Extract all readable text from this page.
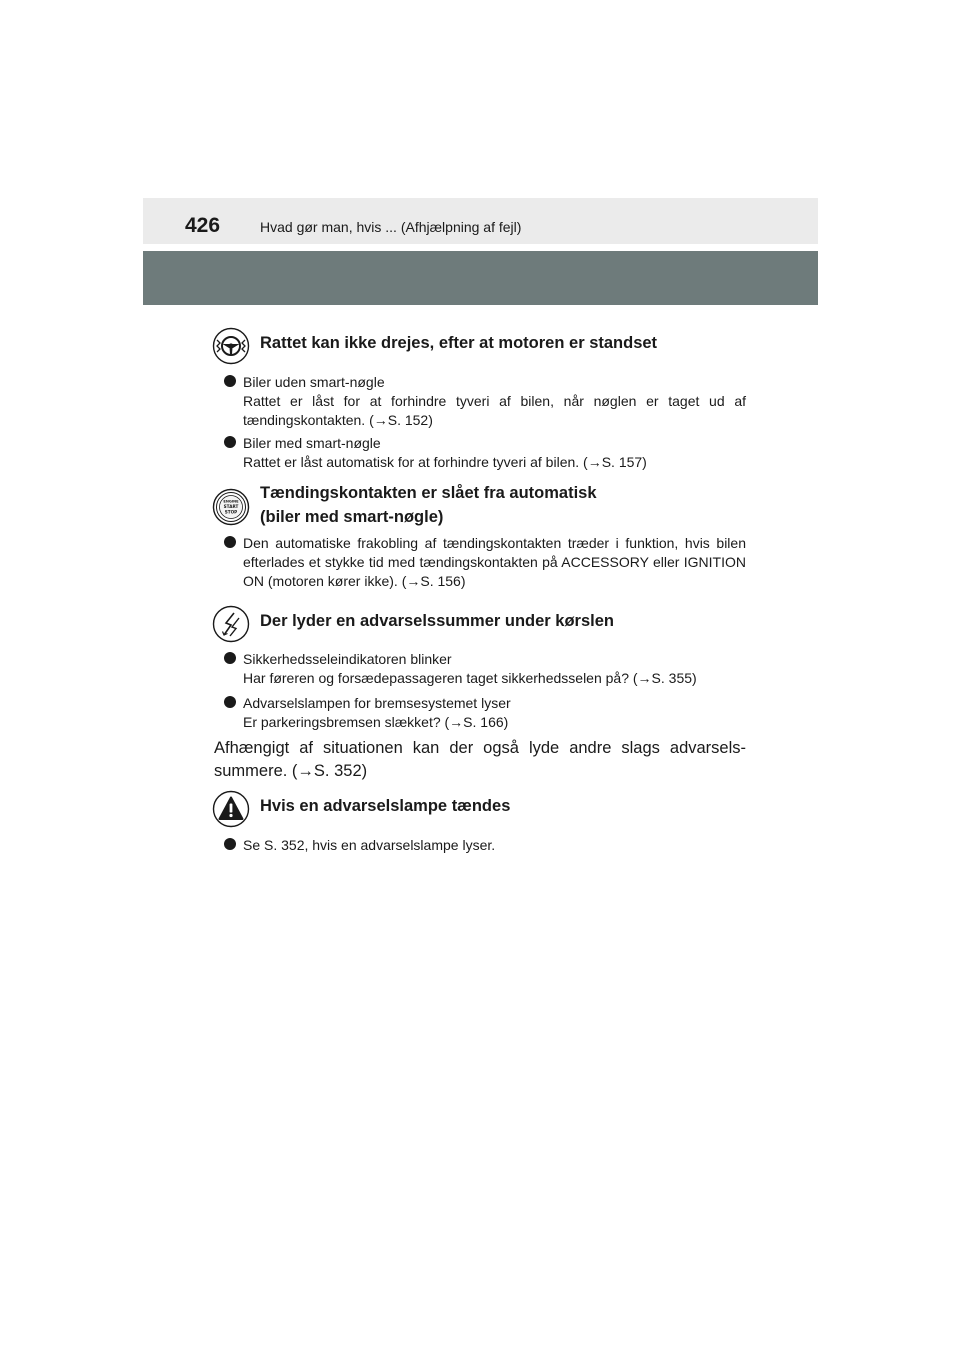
426	Hvad gør man, hvis ... (Afhjælpning af fejl)
Rattet kan ikke drejes, efter at motoren er standset

Biler uden smart-nøgle

Rattet er låst for at forhindre tyveri af bilen, når nøglen er taget ud af tændingskontakten. (→S. 152)

Biler med smart-nøgle

Rattet er låst automatisk for at forhindre tyveri af bilen. (→S. 157)

ENGINE
START
STOP
Tændingskontakten er slået fra automatisk
(biler med smart-nøgle)

Den automatiske frakobling af tændingskontakten træder i funktion, hvis bilen efterlades et stykke tid med tændingskontakten på ACCESSORY eller IGNITION ON (motoren kører ikke). (→S. 156)

Der lyder en advarselssummer under kørslen

Sikkerhedsseleindikatoren blinker

Har føreren og forsædepassageren taget sikkerhedsselen på? (→S. 355)

Advarselslampen for bremsesystemet lyser

Er parkeringsbremsen slækket? (→S. 166)

Afhængigt af situationen kan der også lyde andre slags advarsels-summere. (→S. 352)
Hvis en advarselslampe tændes

Se S. 352, hvis en advarselslampe lyser.
